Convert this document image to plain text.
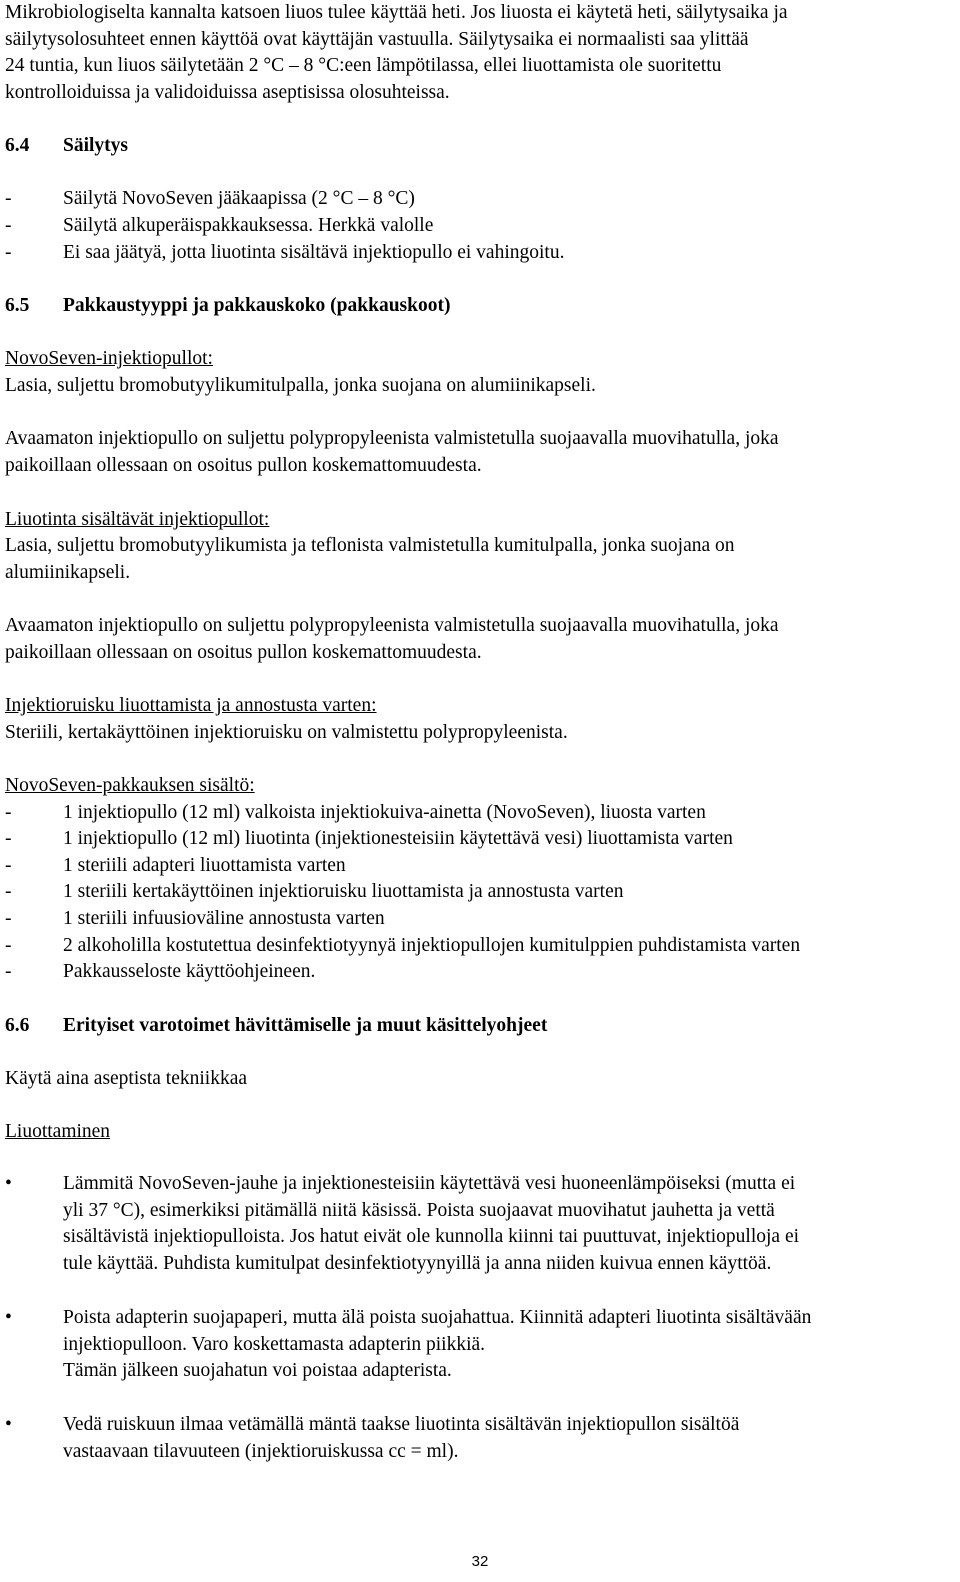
Mikrobiologiselta kannalta katsoen liuos tulee käyttää heti. Jos liuosta ei käytetä heti, säilytysaika ja
säilytysolosuhteet ennen käyttöä ovat käyttäjän vastuulla. Säilytysaika ei normaalisti saa ylittää
24 tuntia, kun liuos säilytetään 2 °C – 8 °C:een lämpötilassa, ellei liuottamista ole suoritettu
kontrolloiduissa ja validoiduissa aseptisissa olosuhteissa.
6.4 Säilytys
-	Säilytä NovoSeven jääkaapissa (2 °C – 8 °C)
-	Säilytä alkuperäispakkauksessa. Herkkä valolle
-	Ei saa jäätyä, jotta liuotinta sisältävä injektiopullo ei vahingoitu.
6.5 Pakkaustyyppi ja pakkauskoko (pakkauskoot)
NovoSeven-injektiopullot:
Lasia, suljettu bromobutyylikumitulpalla, jonka suojana on alumiinikapseli.
Avaamaton injektiopullo on suljettu polypropyleenista valmistetulla suojaavalla muovihatulla, joka
paikoillaan ollessaan on osoitus pullon koskemattomuudesta.
Liuotinta sisältävät injektiopullot:
Lasia, suljettu bromobutyylikumista ja teflonista valmistetulla kumitulpalla, jonka suojana on
alumiinikapseli.
Avaamaton injektiopullo on suljettu polypropyleenista valmistetulla suojaavalla muovihatulla, joka
paikoillaan ollessaan on osoitus pullon koskemattomuudesta.
Injektioruisku liuottamista ja annostusta varten:
Steriili, kertakäyttöinen injektioruisku on valmistettu polypropyleenista.
NovoSeven-pakkauksen sisältö:
-	1 injektiopullo (12 ml) valkoista injektiokuiva-ainetta (NovoSeven), liuosta varten
-	1 injektiopullo (12 ml) liuotinta (injektionesteisiin käytettävä vesi) liuottamista varten
-	1 steriili adapteri liuottamista varten
-	1 steriili kertakäyttöinen injektioruisku liuottamista ja annostusta varten
-	1 steriili infuusioväline annostusta varten
-	2 alkoholilla kostutettua desinfektiotyynyä injektiopullojen kumitulppien puhdistamista varten
-	Pakkausseloste käyttöohjeineen.
6.6 Erityiset varotoimet hävittämiselle ja muut käsittelyohjeet
Käytä aina aseptista tekniikkaa
Liuottaminen
•	Lämmitä NovoSeven-jauhe ja injektionesteisiin käytettävä vesi huoneenlämpöiseksi (mutta ei
yli 37 °C), esimerkiksi pitämällä niitä käsissä. Poista suojaavat muovihatut jauhetta ja vettä
sisältävistä injektiopulloista. Jos hatut eivät ole kunnolla kiinni tai puuttuvat, injektiopulloja ei
tule käyttää. Puhdista kumitulpat desinfektiotyynyillä ja anna niiden kuivua ennen käyttöä.
•	Poista adapterin suojapaperi, mutta älä poista suojahattua. Kiinnitä adapteri liuotinta sisältävään
injektiopulloon. Varo koskettamasta adapterin piikkiä.
Tämän jälkeen suojahatun voi poistaa adapterista.
•	Vedä ruiskuun ilmaa vetämällä mäntä taakse liuotinta sisältävän injektiopullon sisältöä
vastaavaan tilavuuteen (injektioruiskussa cc = ml).
32
